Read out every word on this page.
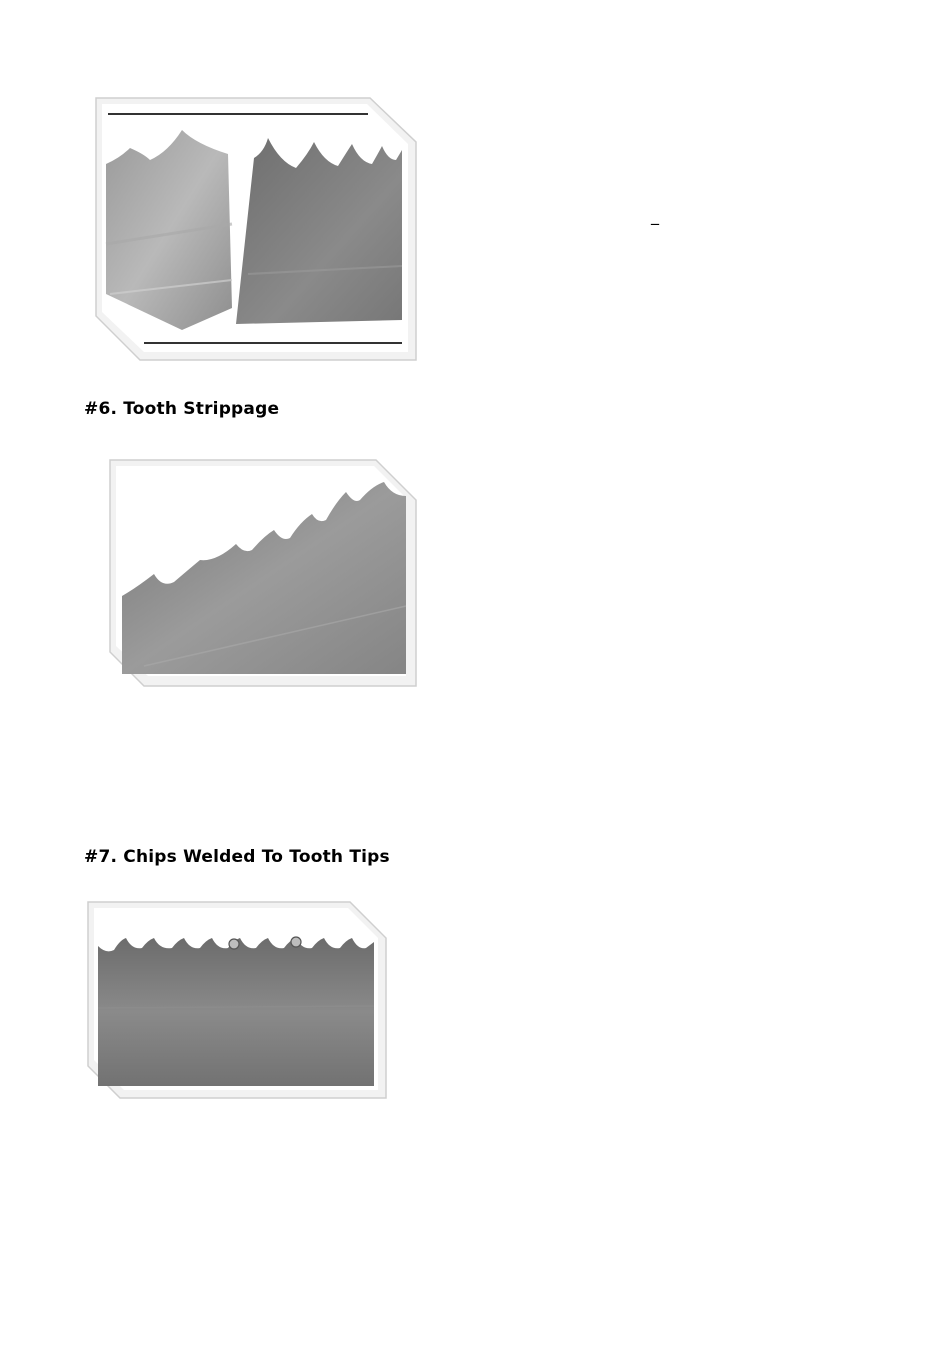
#6. Tooth Strippage
_
#7. Chips Welded To Tooth Tips
